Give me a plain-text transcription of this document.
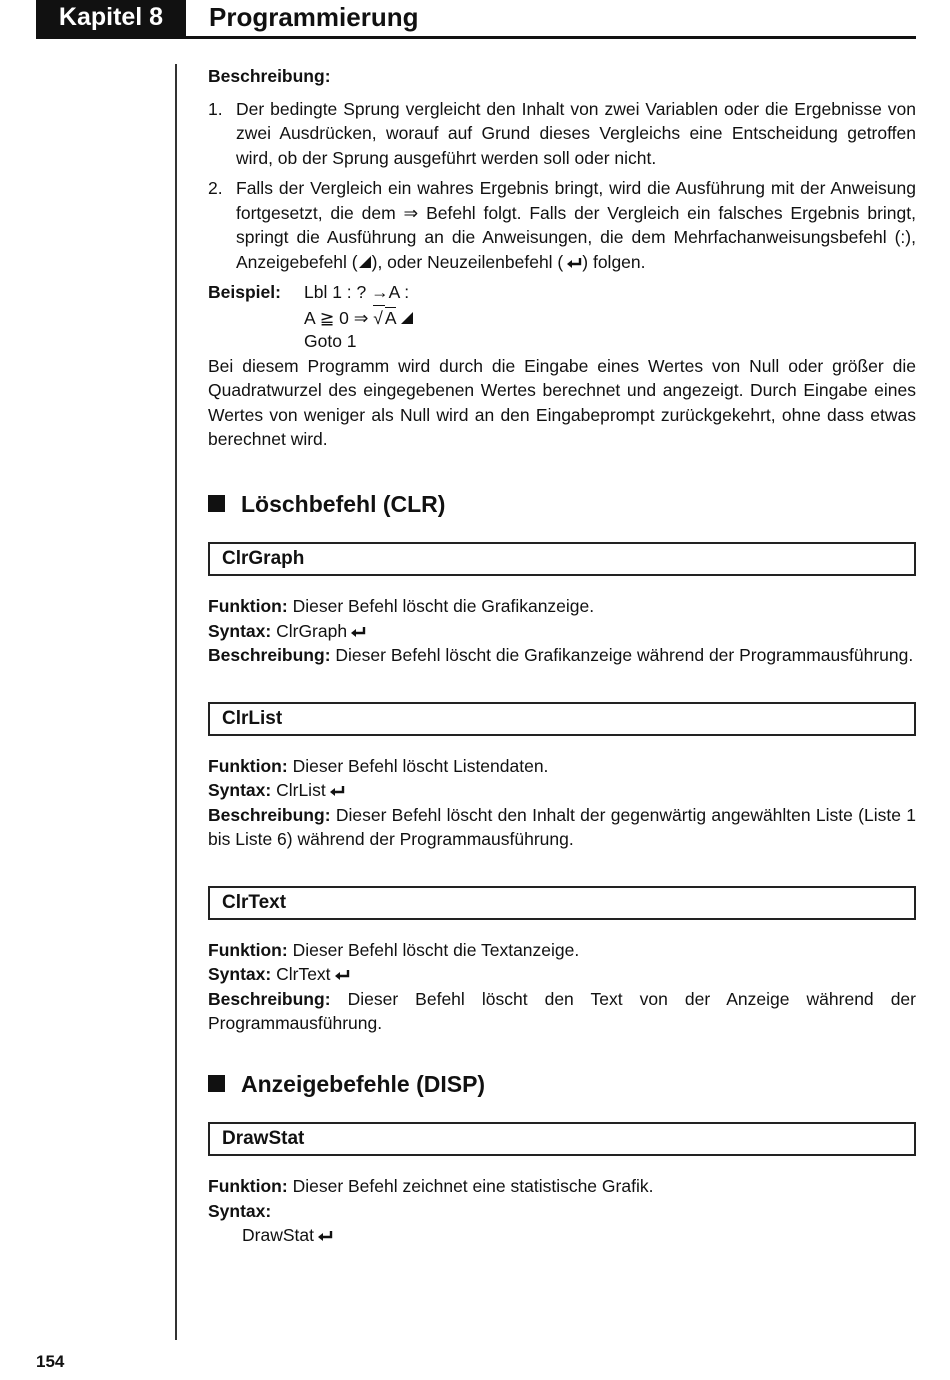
Kapitel 8	Programmierung
154

Beschreibung:

1. Der bedingte Sprung vergleicht den Inhalt von zwei Variablen oder die Ergebnisse von zwei Ausdrücken, worauf auf Grund dieses Vergleichs eine Entscheidung getroffen wird, ob der Sprung ausgeführt werden soll oder nicht.
2. Falls der Vergleich ein wahres Ergebnis bringt, wird die Ausführung mit der Anweisung fortgesetzt, die dem ⇒ Befehl folgt. Falls der Vergleich ein falsches Ergebnis bringt, springt die Ausführung an die Anweisungen, die dem Mehrfachanweisungsbefehl (:), Anzeigebefehl ( ), oder Neuzeilenbefehl ( ) folgen.
Beispiel:	Lbl 1 : ? →A :
A ≧ 0 ⇒ √ A
Goto 1

Bei diesem Programm wird durch die Eingabe eines Wertes von Null oder größer die Quadratwurzel des eingegebenen Wertes berechnet und angezeigt. Durch Eingabe eines Wertes von weniger als Null wird an den Eingabeprompt zurückgekehrt, ohne dass etwas berechnet wird.

Löschbefehl (CLR)
ClrGraph

Funktion: Dieser Befehl löscht die Grafikanzeige.

Syntax: ClrGraph

Beschreibung: Dieser Befehl löscht die Grafikanzeige während der Programmausführung.

ClrList

Funktion: Dieser Befehl löscht Listendaten.

Syntax: ClrList

Beschreibung: Dieser Befehl löscht den Inhalt der gegenwärtig angewählten Liste (Liste 1 bis Liste 6) während der Programmausführung.

ClrText

Funktion: Dieser Befehl löscht die Textanzeige.

Syntax: ClrText

Beschreibung: Dieser Befehl löscht den Text von der Anzeige während der Programmausführung.

Anzeigebefehle (DISP)
DrawStat

Funktion: Dieser Befehl zeichnet eine statistische Grafik.

Syntax:

DrawStat
